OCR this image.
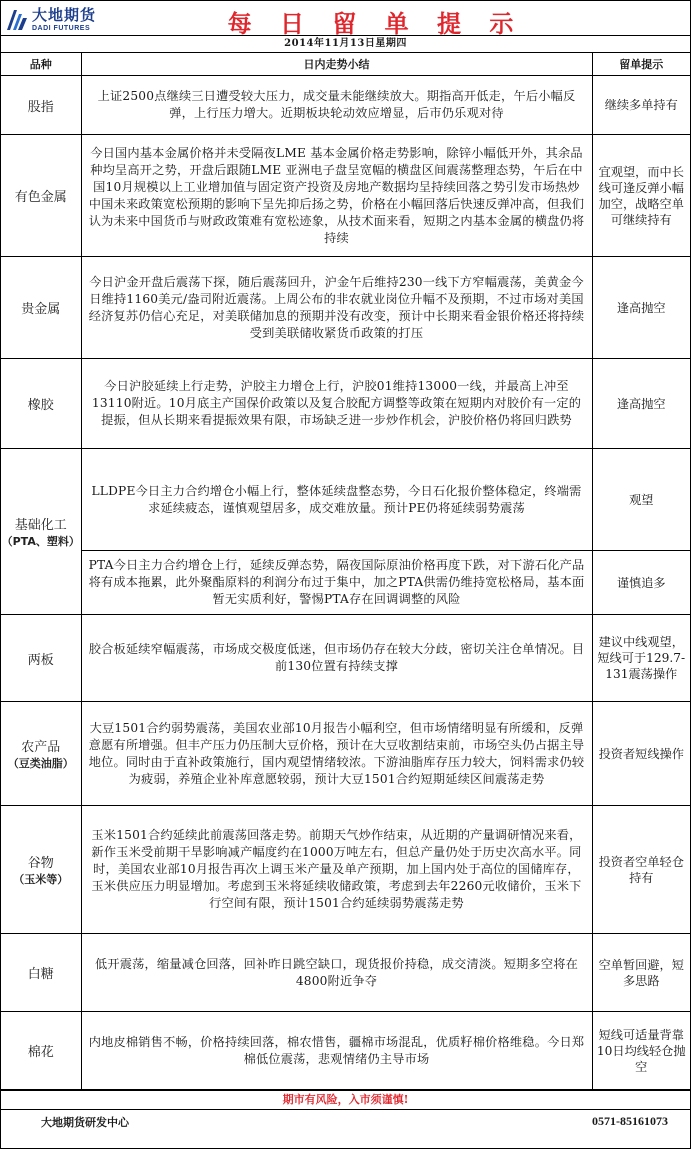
大地期货
DADI FUTURES	每 日 留 单 提 示
2014年11月13日星期四
品种	日内走势小结	留单提示
股指	上证2500点继续三日遭受较大压力，成交量未能继续放大。期指高开低走，午后小幅反弹，上行压力增大。近期板块轮动效应增显，后市仍乐观对待	继续多单持有
有色金属	今日国内基本金属价格并未受隔夜LME 基本金属价格走势影响，除锌小幅低开外，其余品种均呈高开之势，开盘后跟随LME 亚洲电子盘呈宽幅的横盘区间震荡整理态势，午后在中国10月规模以上工业增加值与固定资产投资及房地产数据均呈持续回落之势引发市场热炒中国未来政策宽松预期的影响下呈先抑后扬之势，价格在小幅回落后快速反弹冲高，但我们认为未来中国货币与财政政策难有宽松迹象，从技术面来看，短期之内基本金属的横盘仍将持续	宜观望，而中长线可逢反弹小幅加空，战略空单可继续持有
贵金属	今日沪金开盘后震荡下探，随后震荡回升，沪金午后维持230一线下方窄幅震荡，美黄金今日维持1160美元/盎司附近震荡。上周公布的非农就业岗位升幅不及预期，不过市场对美国经济复苏仍信心充足，对美联储加息的预期并没有改变，预计中长期来看金银价格还将持续受到美联储收紧货币政策的打压	逢高抛空
橡胶	今日沪胶延续上行走势，沪胶主力增仓上行，沪胶01维持13000一线，并最高上冲至13110附近。10月底主产国保价政策以及复合胶配方调整等政策在短期内对胶价有一定的提振，但从长期来看提振效果有限，市场缺乏进一步炒作机会，沪胶价格仍将回归跌势	逢高抛空

基础化工
（PTA、塑料）	LLDPE今日主力合约增仓小幅上行，整体延续盘整态势，今日石化报价整体稳定，终端需求延续疲态，谨慎观望居多，成交难放量。预计PE仍将延续弱势震荡	观望
	PTA今日主力合约增仓上行，延续反弹态势，隔夜国际原油价格再度下跌，对下游石化产品将有成本拖累，此外聚酯原料的利润分布过于集中，加之PTA供需仍维持宽松格局，基本面暂无实质利好，警惕PTA存在回调调整的风险	谨慎追多
两板	胶合板延续窄幅震荡，市场成交极度低迷，但市场仍存在较大分歧，密切关注仓单情况。目前130位置有持续支撑	建议中线观望，短线可于129.7-131震荡操作

农产品
（豆类油脂）	大豆1501合约弱势震荡，美国农业部10月报告小幅利空，但市场情绪明显有所缓和，反弹意愿有所增强。但丰产压力仍压制大豆价格，预计在大豆收割结束前，市场空头仍占据主导地位。同时由于直补政策施行，国内观望情绪较浓。下游油脂库存压力较大，饲料需求仍较为疲弱，养殖企业补库意愿较弱，预计大豆1501合约短期延续区间震荡走势	投资者短线操作

谷物
（玉米等）	玉米1501合约延续此前震荡回落走势。前期天气炒作结束，从近期的产量调研情况来看，新作玉米受前期干旱影响减产幅度约在1000万吨左右，但总产量仍处于历史次高水平。同时，美国农业部10月报告再次上调玉米产量及单产预期，加上国内处于高位的国储库存，玉米供应压力明显增加。考虑到玉米将延续收储政策，考虑到去年2260元收储价，玉米下行空间有限，预计1501合约延续弱势震荡走势	投资者空单轻仓持有
白糖	低开震荡，缩量减仓回落，回补昨日跳空缺口，现货报价持稳，成交清淡。短期多空将在4800附近争夺	空单暂回避，短多思路
棉花	内地皮棉销售不畅，价格持续回落，棉农惜售，疆棉市场混乱，优质籽棉价格维稳。今日郑棉低位震荡，悲观情绪仍主导市场	短线可适量背靠10日均线轻仓抛空
期市有风险，入市须谨慎!
大地期货研发中心	0571-85161073
